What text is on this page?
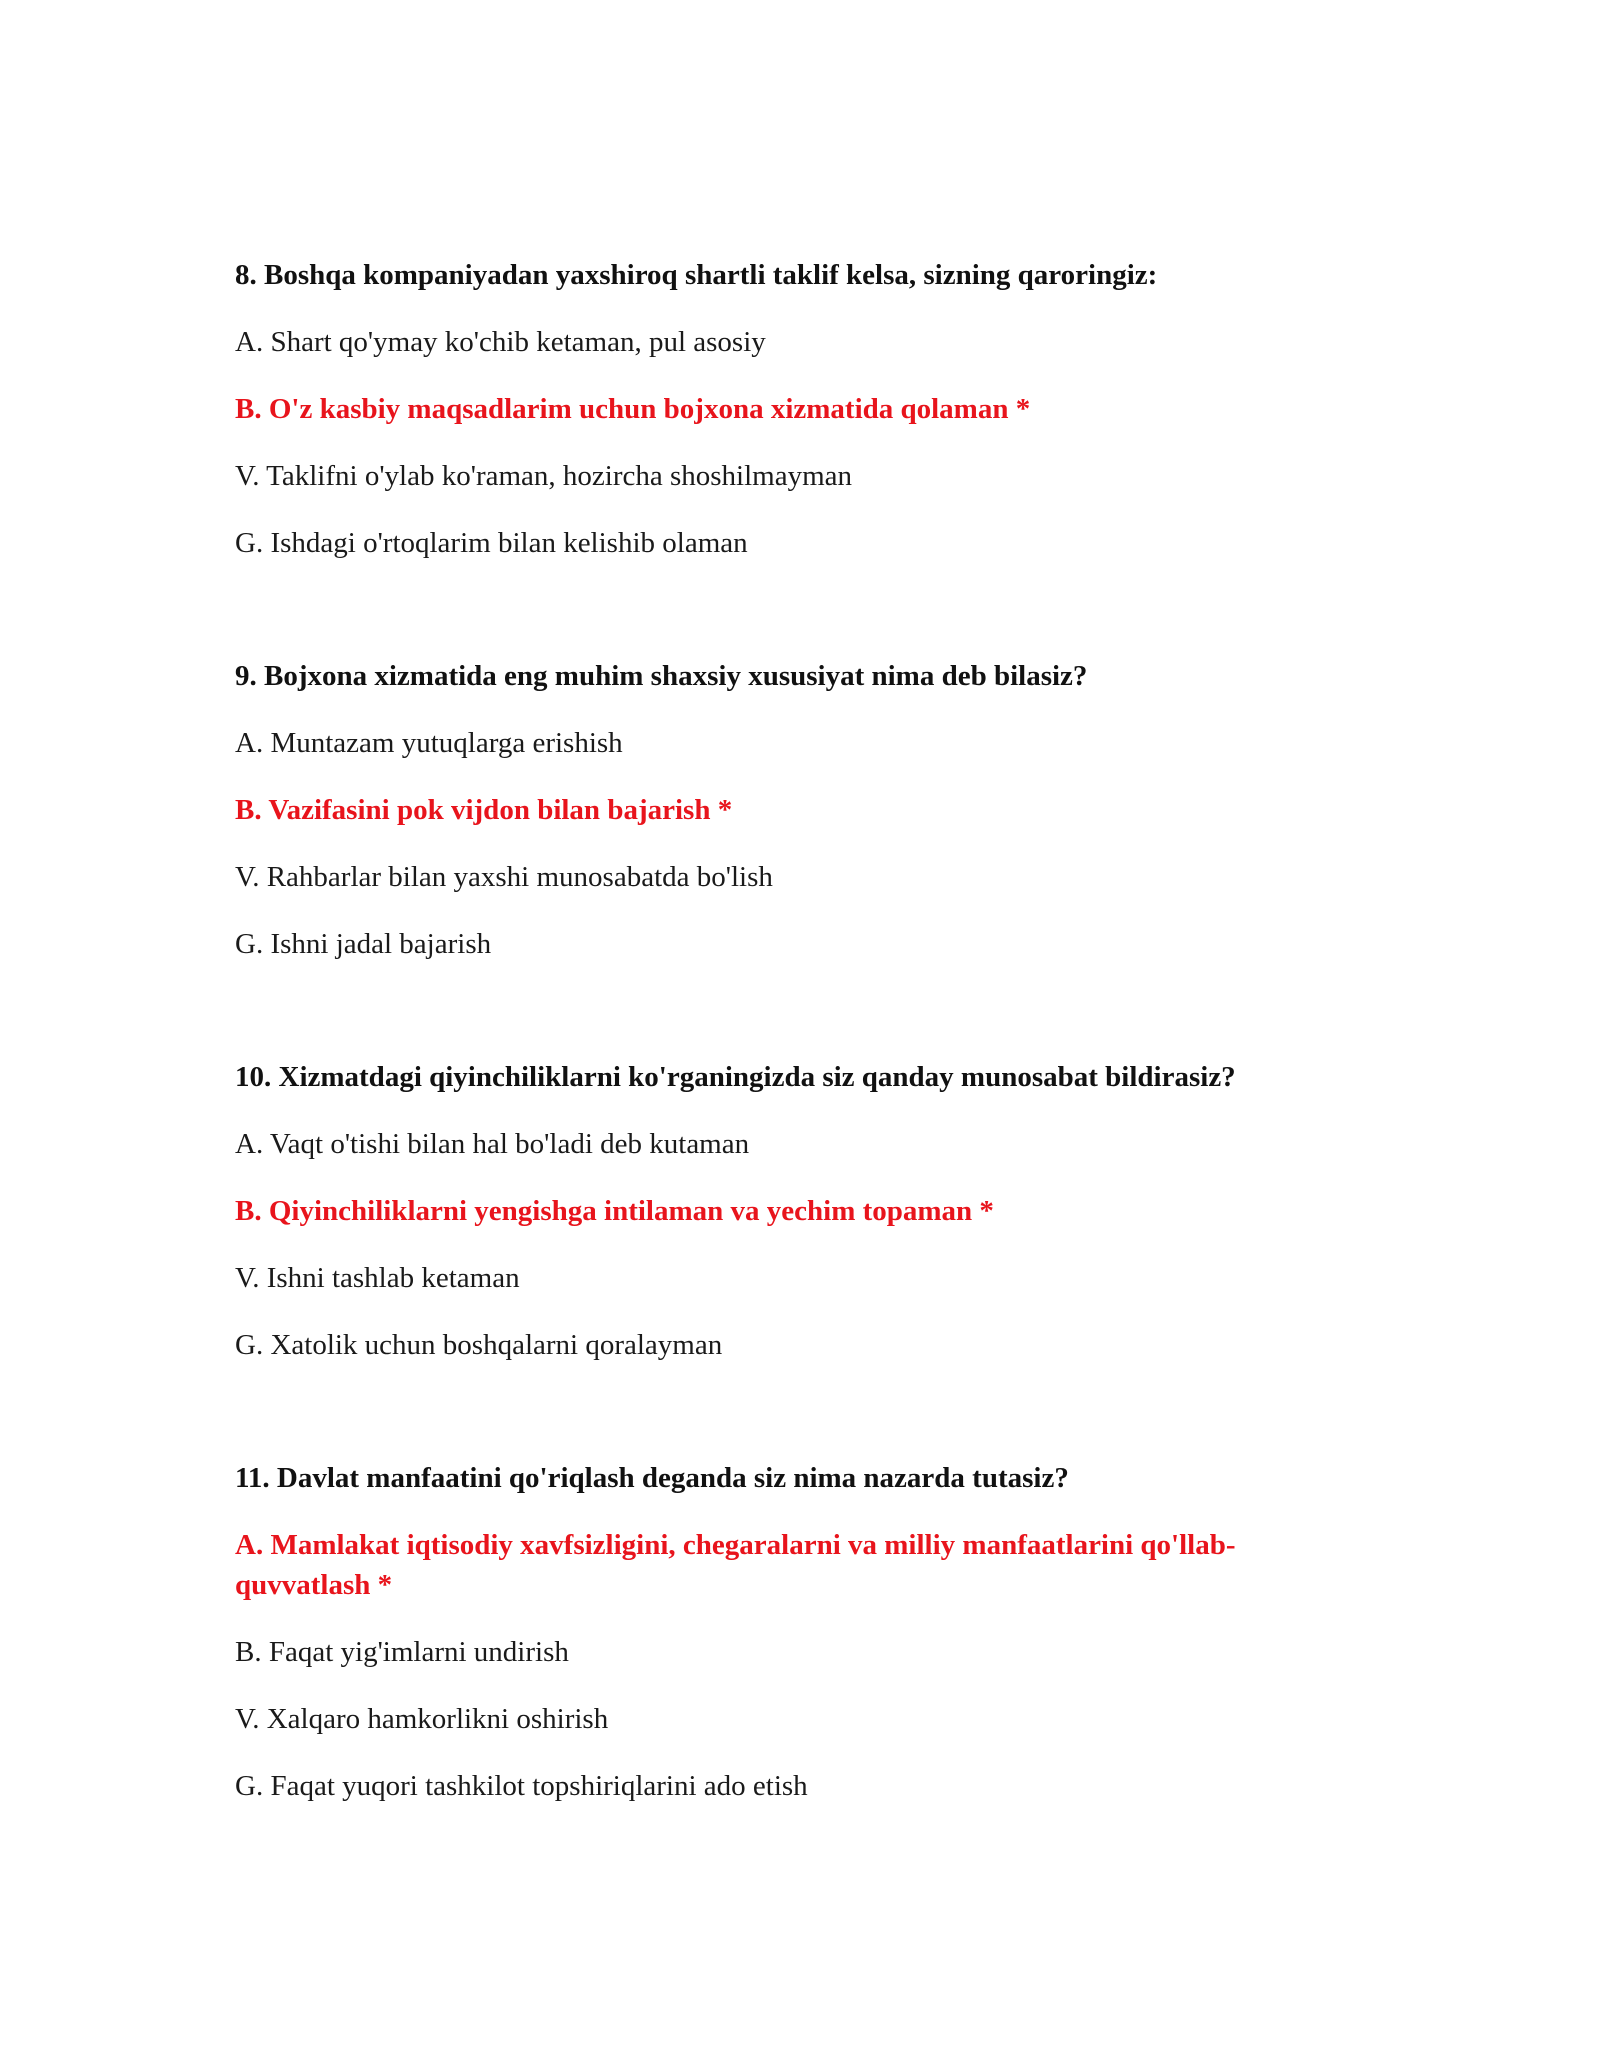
8. Boshqa kompaniyadan yaxshiroq shartli taklif kelsa, sizning qaroringiz:
A. Shart qo'ymay ko'chib ketaman, pul asosiy
B. O'z kasbiy maqsadlarim uchun bojxona xizmatida qolaman *
V. Taklifni o'ylab ko'raman, hozircha shoshilmayman
G. Ishdagi o'rtoqlarim bilan kelishib olaman
9. Bojxona xizmatida eng muhim shaxsiy xususiyat nima deb bilasiz?
A. Muntazam yutuqlarga erishish
B. Vazifasini pok vijdon bilan bajarish *
V. Rahbarlar bilan yaxshi munosabatda bo'lish
G. Ishni jadal bajarish
10. Xizmatdagi qiyinchiliklarni ko'rganingizda siz qanday munosabat bildirasiz?
A. Vaqt o'tishi bilan hal bo'ladi deb kutaman
B. Qiyinchiliklarni yengishga intilaman va yechim topaman *
V. Ishni tashlab ketaman
G. Xatolik uchun boshqalarni qoralayman
11. Davlat manfaatini qo'riqlash deganda siz nima nazarda tutasiz?
A. Mamlakat iqtisodiy xavfsizligini, chegaralarni va milliy manfaatlarini qo'llab-quvvatlash *
B. Faqat yig'imlarni undirish
V. Xalqaro hamkorlikni oshirish
G. Faqat yuqori tashkilot topshiriqlarini ado etish
